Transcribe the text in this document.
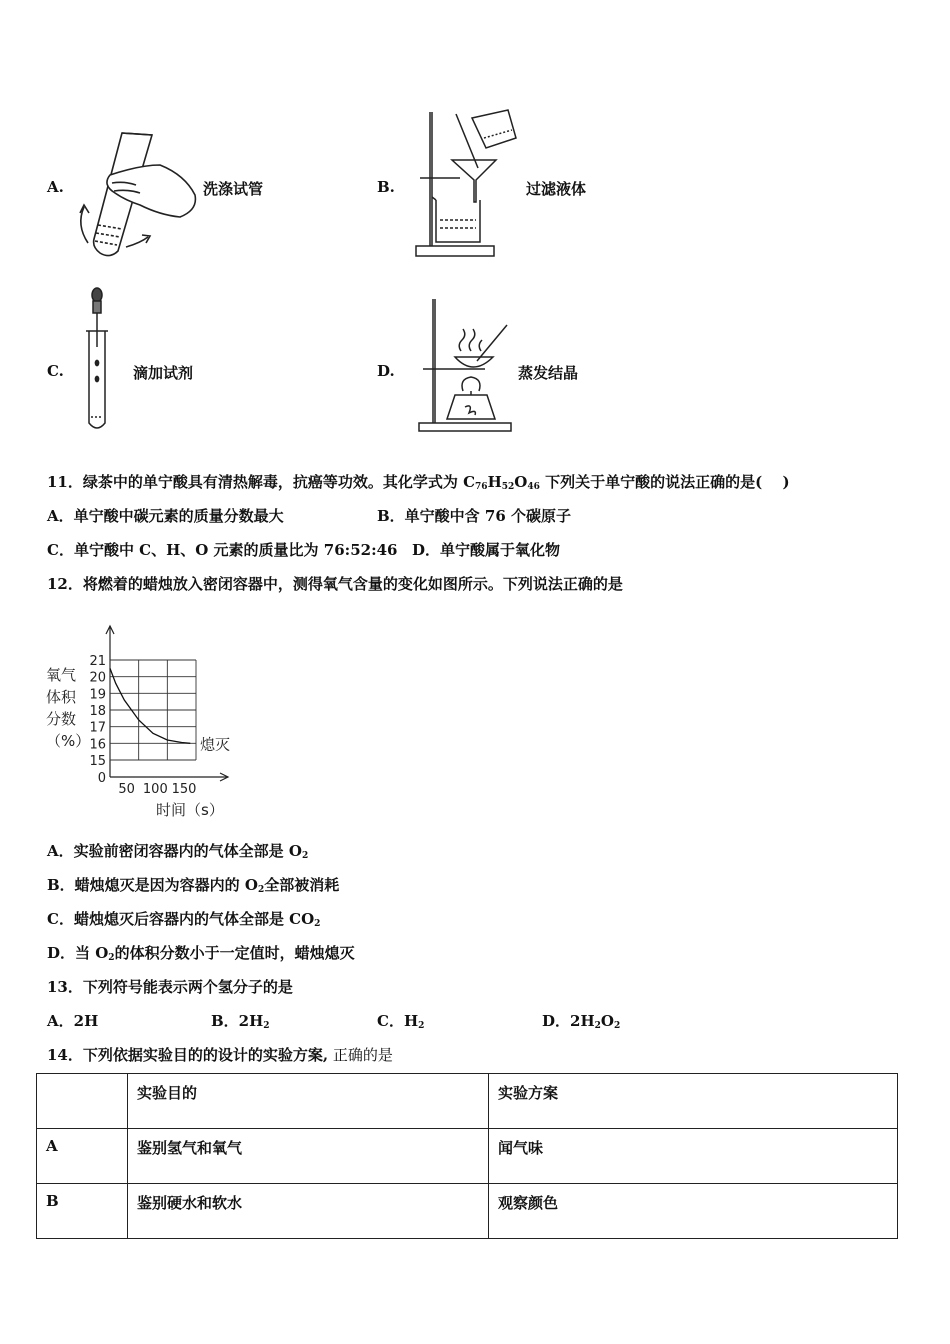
A.	洗涤试管	B.	过滤液体
C.	滴加试剂	D.	蒸发结晶
11．绿茶中的单宁酸具有清热解毒，抗癌等功效。其化学式为 $C_{76}H_{52}O_{46}$ 下列关于单宁酸的说法正确的是(　 )
A．单宁酸中碳元素的质量分数最大	B．单宁酸中含 76 个碳原子
C．单宁酸中 C、H、O 元素的质量比为 76:52:46 D．单宁酸属于氧化物
12．将燃着的蜡烛放入密闭容器中，测得氧气含量的变化如图所示。下列说法正确的是
21
20
19
18
17
16
15
0
50 100 150
氧气
体积
分数
（%）
时间（s）
熄灭
A．实验前密闭容器内的气体全部是 $O_2$
B．蜡烛熄灭是因为容器内的 $O_2$全部被消耗
C．蜡烛熄灭后容器内的气体全部是 $CO_2$
D．当 $O_2$的体积分数小于一定值时，蜡烛熄灭
13．下列符号能表示两个氢分子的是
A．2H	B．$2H_2$	C．$H_2$	D．$2H_2O_2$
14．下列依据实验目的的设计的实验方案, 正确的是
	实验目的	实验方案
A	鉴别氢气和氧气	闻气味
B	鉴别硬水和软水	观察颜色
